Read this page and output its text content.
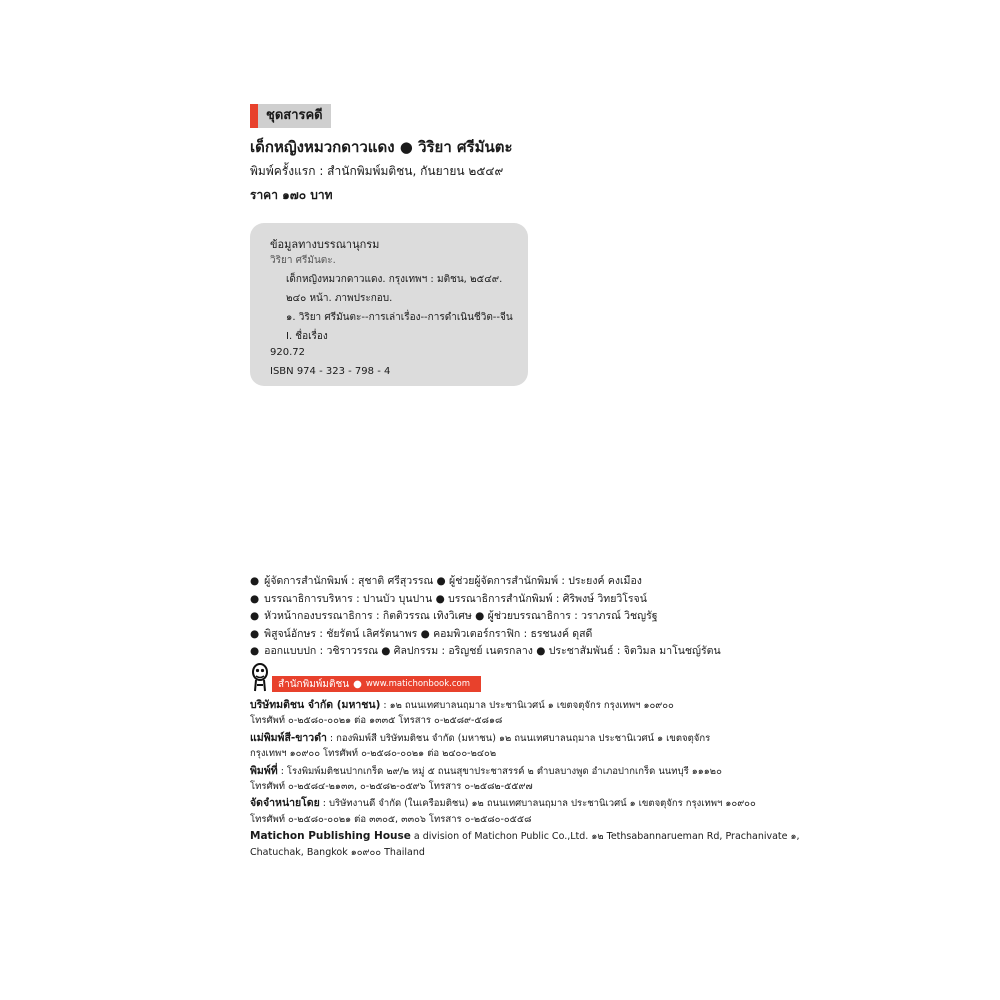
ชุดสารคดี
เด็กหญิงหมวกดาวแดง ● วิริยา ศรีมันตะ
พิมพ์ครั้งแรก : สำนักพิมพ์มติชน, กันยายน ๒๕๔๙
ราคา ๑๗๐ บาท
ข้อมูลทางบรรณานุกรม
วิริยา ศรีมันตะ.
เด็กหญิงหมวกดาวแดง. กรุงเทพฯ : มติชน, ๒๕๔๙.
๒๔๐ หน้า. ภาพประกอบ.
๑. วิริยา ศรีมันตะ--การเล่าเรื่อง--การดำเนินชีวิต--จีน
I. ชื่อเรื่อง
920.72
ISBN 974 - 323 - 798 - 4
● ผู้จัดการสำนักพิมพ์ : สุชาติ ศรีสุวรรณ ● ผู้ช่วยผู้จัดการสำนักพิมพ์ : ประยงค์ คงเมือง
● บรรณาธิการบริหาร : ปานบัว บุนปาน ● บรรณาธิการสำนักพิมพ์ : ศิริพงษ์ วิทยวิโรจน์
● หัวหน้ากองบรรณาธิการ : กิตติวรรณ เทิงวิเศษ ● ผู้ช่วยบรรณาธิการ : วราภรณ์ วิชญรัฐ
● พิสูจน์อักษร : ชัยรัตน์ เลิศรัตนาพร ● คอมพิวเตอร์กราฟิก : ธรชนงค์ ดุสดี
● ออกแบบปก : วชิราวรรณ ● ศิลปกรรม : อริญชย์ เนตรกลาง ● ประชาสัมพันธ์ : จิตวิมล มาโนชญ์รัตน
สำนักพิมพ์มติชน ● www.matichonbook.com
บริษัทมติชน จำกัด (มหาชน) : ๑๒ ถนนเทศบาลนฤมาล ประชานิเวศน์ ๑ เขตจตุจักร กรุงเทพฯ ๑๐๙๐๐
โทรศัพท์ ๐-๒๕๘๐-๐๐๒๑ ต่อ ๑๓๓๕ โทรสาร ๐-๒๕๘๙-๕๘๑๘
แม่พิมพ์สี-ขาวดำ : กองพิมพ์สี บริษัทมติชน จำกัด (มหาชน) ๑๒ ถนนเทศบาลนฤมาล ประชานิเวศน์ ๑ เขตจตุจักร
กรุงเทพฯ ๑๐๙๐๐ โทรศัพท์ ๐-๒๕๘๐-๐๐๒๑ ต่อ ๒๔๐๐-๒๔๐๒
พิมพ์ที่ : โรงพิมพ์มติชนปากเกร็ด ๒๙/๒ หมู่ ๕ ถนนสุขาประชาสรรค์ ๒ ตำบลบางพูด อำเภอปากเกร็ด นนทบุรี ๑๑๑๒๐
โทรศัพท์ ๐-๒๕๘๔-๒๑๓๓, ๐-๒๕๘๒-๐๕๙๖ โทรสาร ๐-๒๕๘๒-๕๕๙๗
จัดจำหน่ายโดย : บริษัทงานดี จำกัด (ในเครือมติชน) ๑๒ ถนนเทศบาลนฤมาล ประชานิเวศน์ ๑ เขตจตุจักร กรุงเทพฯ ๑๐๙๐๐
โทรศัพท์ ๐-๒๕๘๐-๐๐๒๑ ต่อ ๓๓๐๕, ๓๓๐๖ โทรสาร ๐-๒๕๘๐-๐๕๕๘
Matichon Publishing House a division of Matichon Public Co.,Ltd. ๑๒ Tethsabannarueman Rd, Prachanivate ๑,
Chatuchak, Bangkok ๑๐๙๐๐ Thailand
